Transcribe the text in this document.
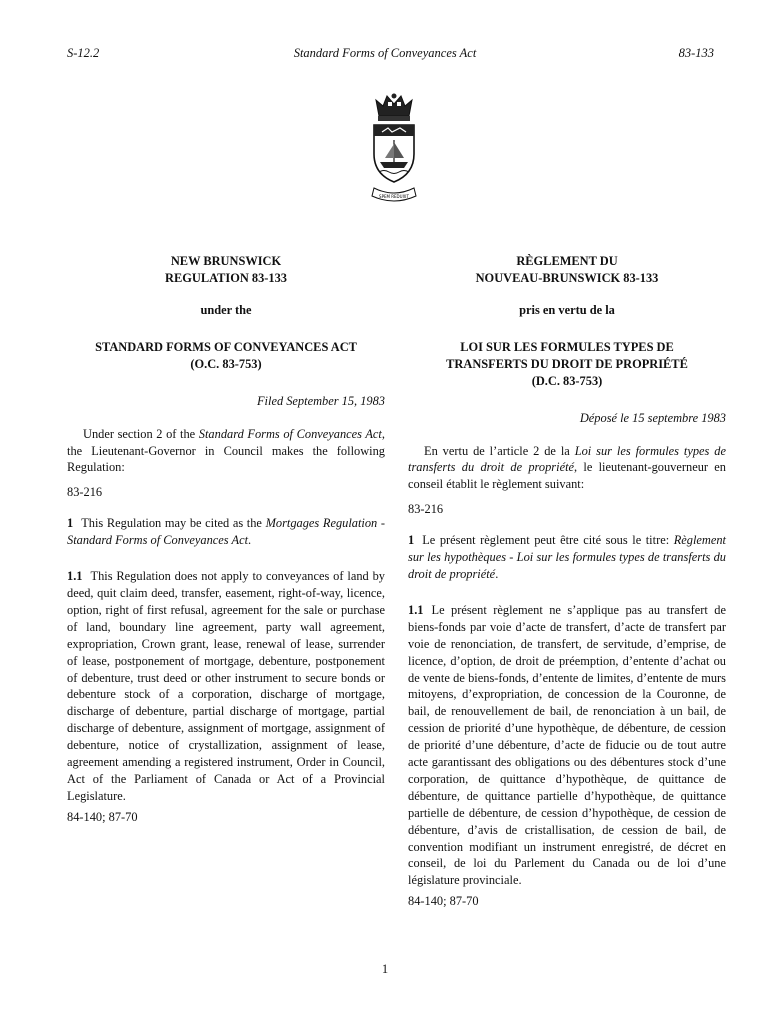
S-12.2	Standard Forms of Conveyances Act	83-133
SPEM REDUXIT
NEW BRUNSWICK
REGULATION 83-133
under the
STANDARD FORMS OF CONVEYANCES ACT
(O.C. 83-753)
Filed September 15, 1983

Under section 2 of the Standard Forms of Conveyances Act, the Lieutenant-Governor in Council makes the following Regulation:

83-216

1 This Regulation may be cited as the Mortgages Regulation - Standard Forms of Conveyances Act.

1.1 This Regulation does not apply to conveyances of land by deed, quit claim deed, transfer, easement, right-of-way, licence, option, right of first refusal, agreement for the sale or purchase of land, boundary line agreement, party wall agreement, expropriation, Crown grant, lease, renewal of lease, surrender of lease, postponement of mortgage, debenture, postponement of debenture, trust deed or other instrument to secure bonds or debenture stock of a corporation, discharge of mortgage, discharge of debenture, partial discharge of mortgage, partial discharge of debenture, assignment of mortgage, assignment of debenture, notice of crystallization, assignment of lease, agreement amending a registered instrument, Order in Council, Act of the Parliament of Canada or Act of a Provincial Legislature.

84-140; 87-70

RÈGLEMENT DU
NOUVEAU-BRUNSWICK 83-133
pris en vertu de la
LOI SUR LES FORMULES TYPES DE
TRANSFERTS DU DROIT DE PROPRIÉTÉ
(D.C. 83-753)
Déposé le 15 septembre 1983

En vertu de l’article 2 de la Loi sur les formules types de transferts du droit de propriété, le lieutenant-gouverneur en conseil établit le règlement suivant:

83-216

1 Le présent règlement peut être cité sous le titre: Règlement sur les hypothèques - Loi sur les formules types de transferts du droit de propriété.

1.1 Le présent règlement ne s’applique pas au transfert de biens-fonds par voie d’acte de transfert, d’acte de transfert par voie de renonciation, de transfert, de servitude, d’emprise, de licence, d’option, de droit de préemption, d’entente d’achat ou de vente de biens-fonds, d’entente de limites, d’entente de murs mitoyens, d’expropriation, de concession de la Couronne, de bail, de renouvellement de bail, de renonciation à un bail, de cession de priorité d’une hypothèque, de débenture, de cession de priorité d’une débenture, d’acte de fiducie ou de tout autre acte garantissant des obligations ou des débentures stock d’une corporation, de quittance d’hypothèque, de quittance de débenture, de quittance partielle d’hypothèque, de quittance partielle de débenture, de cession d’hypothèque, de cession de débenture, d’avis de cristallisation, de cession de bail, de convention modifiant un instrument enregistré, de décret en conseil, de loi du Parlement du Canada ou de loi d’une législature provinciale.

84-140; 87-70

1
